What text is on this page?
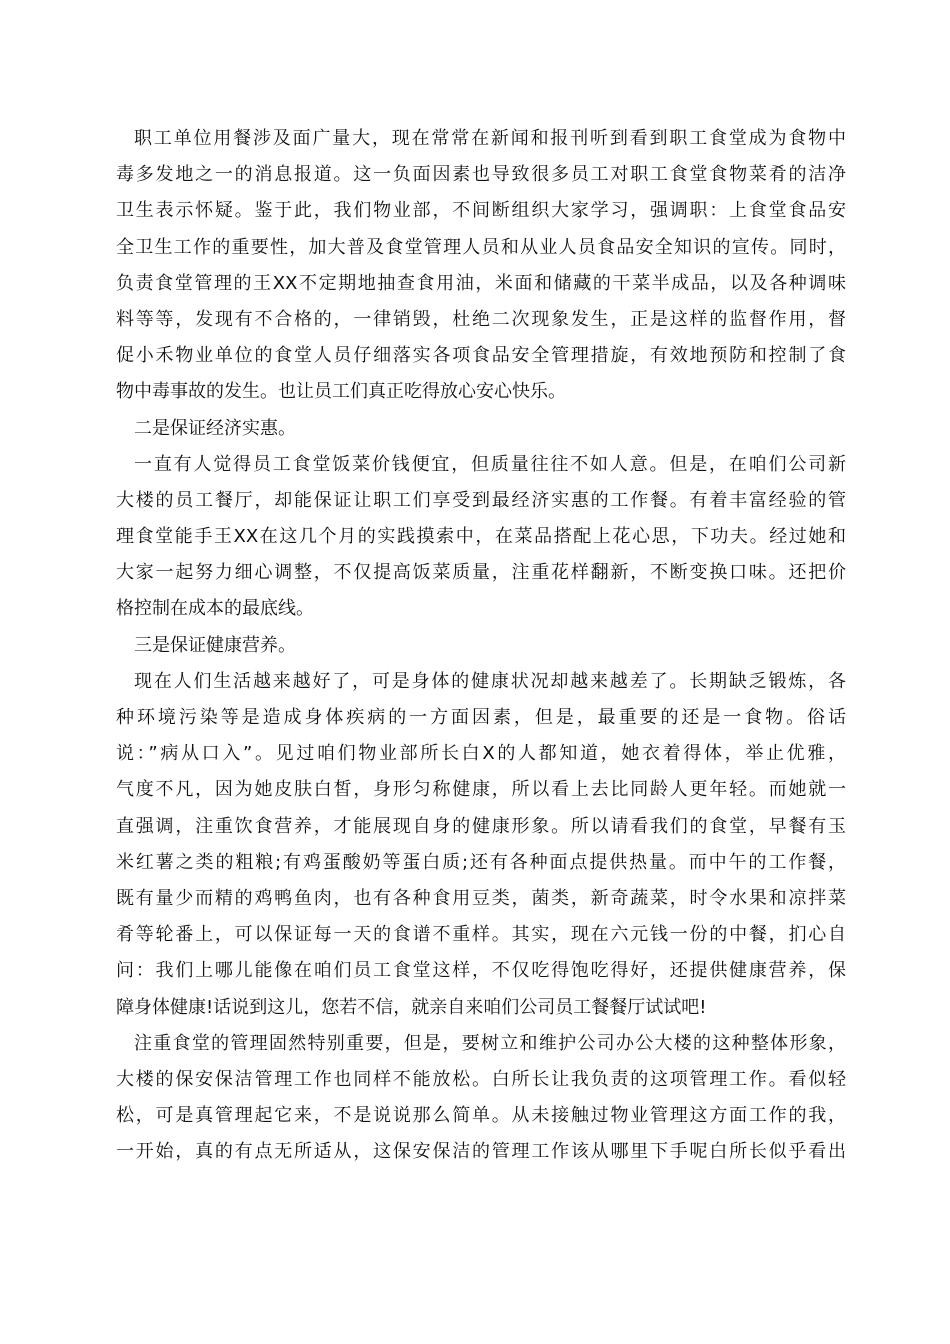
职工单位用餐涉及面广量大，现在常常在新闻和报刊听到看到职工食堂成为食物中
毒多发地之一的消息报道。这一负面因素也导致很多员工对职工食堂食物菜肴的洁净
卫生表示怀疑。鉴于此，我们物业部，不间断组织大家学习，强调职：上食堂食品安
全卫生工作的重要性，加大普及食堂管理人员和从业人员食品安全知识的宣传。同时，
负责食堂管理的王XX不定期地抽查食用油，米面和储藏的干菜半成品，以及各种调味
料等等，发现有不合格的，一律销毁，杜绝二次现象发生，正是这样的监督作用，督
促小禾物业单位的食堂人员仔细落实各项食品安全管理措旋，有效地预防和控制了食
物中毒事故的发生。也让员工们真正吃得放心安心快乐。
二是保证经济实惠。
一直有人觉得员工食堂饭菜价钱便宜，但质量往往不如人意。但是，在咱们公司新
大楼的员工餐厅，却能保证让职工们享受到最经济实惠的工作餐。有着丰富经验的管
理食堂能手王XX在这几个月的实践摸索中，在菜品搭配上花心思，下功夫。经过她和
大家一起努力细心调整，不仅提高饭菜质量，注重花样翻新，不断变换口味。还把价
格控制在成本的最底线。
三是保证健康营养。
现在人们生活越来越好了，可是身体的健康状况却越来越差了。长期缺乏锻炼，各
种环境污染等是造成身体疾病的一方面因素，但是，最重要的还是一食物。俗话
说：”病从口入”。见过咱们物业部所长白X的人都知道，她衣着得体，举止优雅，
气度不凡，因为她皮肤白皙，身形匀称健康，所以看上去比同龄人更年轻。而她就一
直强调，注重饮食营养，才能展现自身的健康形象。所以请看我们的食堂，早餐有玉
米红薯之类的粗粮;有鸡蛋酸奶等蛋白质;还有各种面点提供热量。而中午的工作餐，
既有量少而精的鸡鸭鱼肉，也有各种食用豆类，菌类，新奇蔬菜，时令水果和凉拌菜
肴等轮番上，可以保证每一天的食谱不重样。其实，现在六元钱一份的中餐，扪心自
问：我们上哪儿能像在咱们员工食堂这样，不仅吃得饱吃得好，还提供健康营养，保
障身体健康!话说到这儿，您若不信，就亲自来咱们公司员工餐餐厅试试吧!
注重食堂的管理固然特别重要，但是，要树立和维护公司办公大楼的这种整体形象，
大楼的保安保洁管理工作也同样不能放松。白所长让我负责的这项管理工作。看似轻
松，可是真管理起它来，不是说说那么简单。从未接触过物业管理这方面工作的我，
一开始，真的有点无所适从，这保安保洁的管理工作该从哪里下手呢白所长似乎看出
